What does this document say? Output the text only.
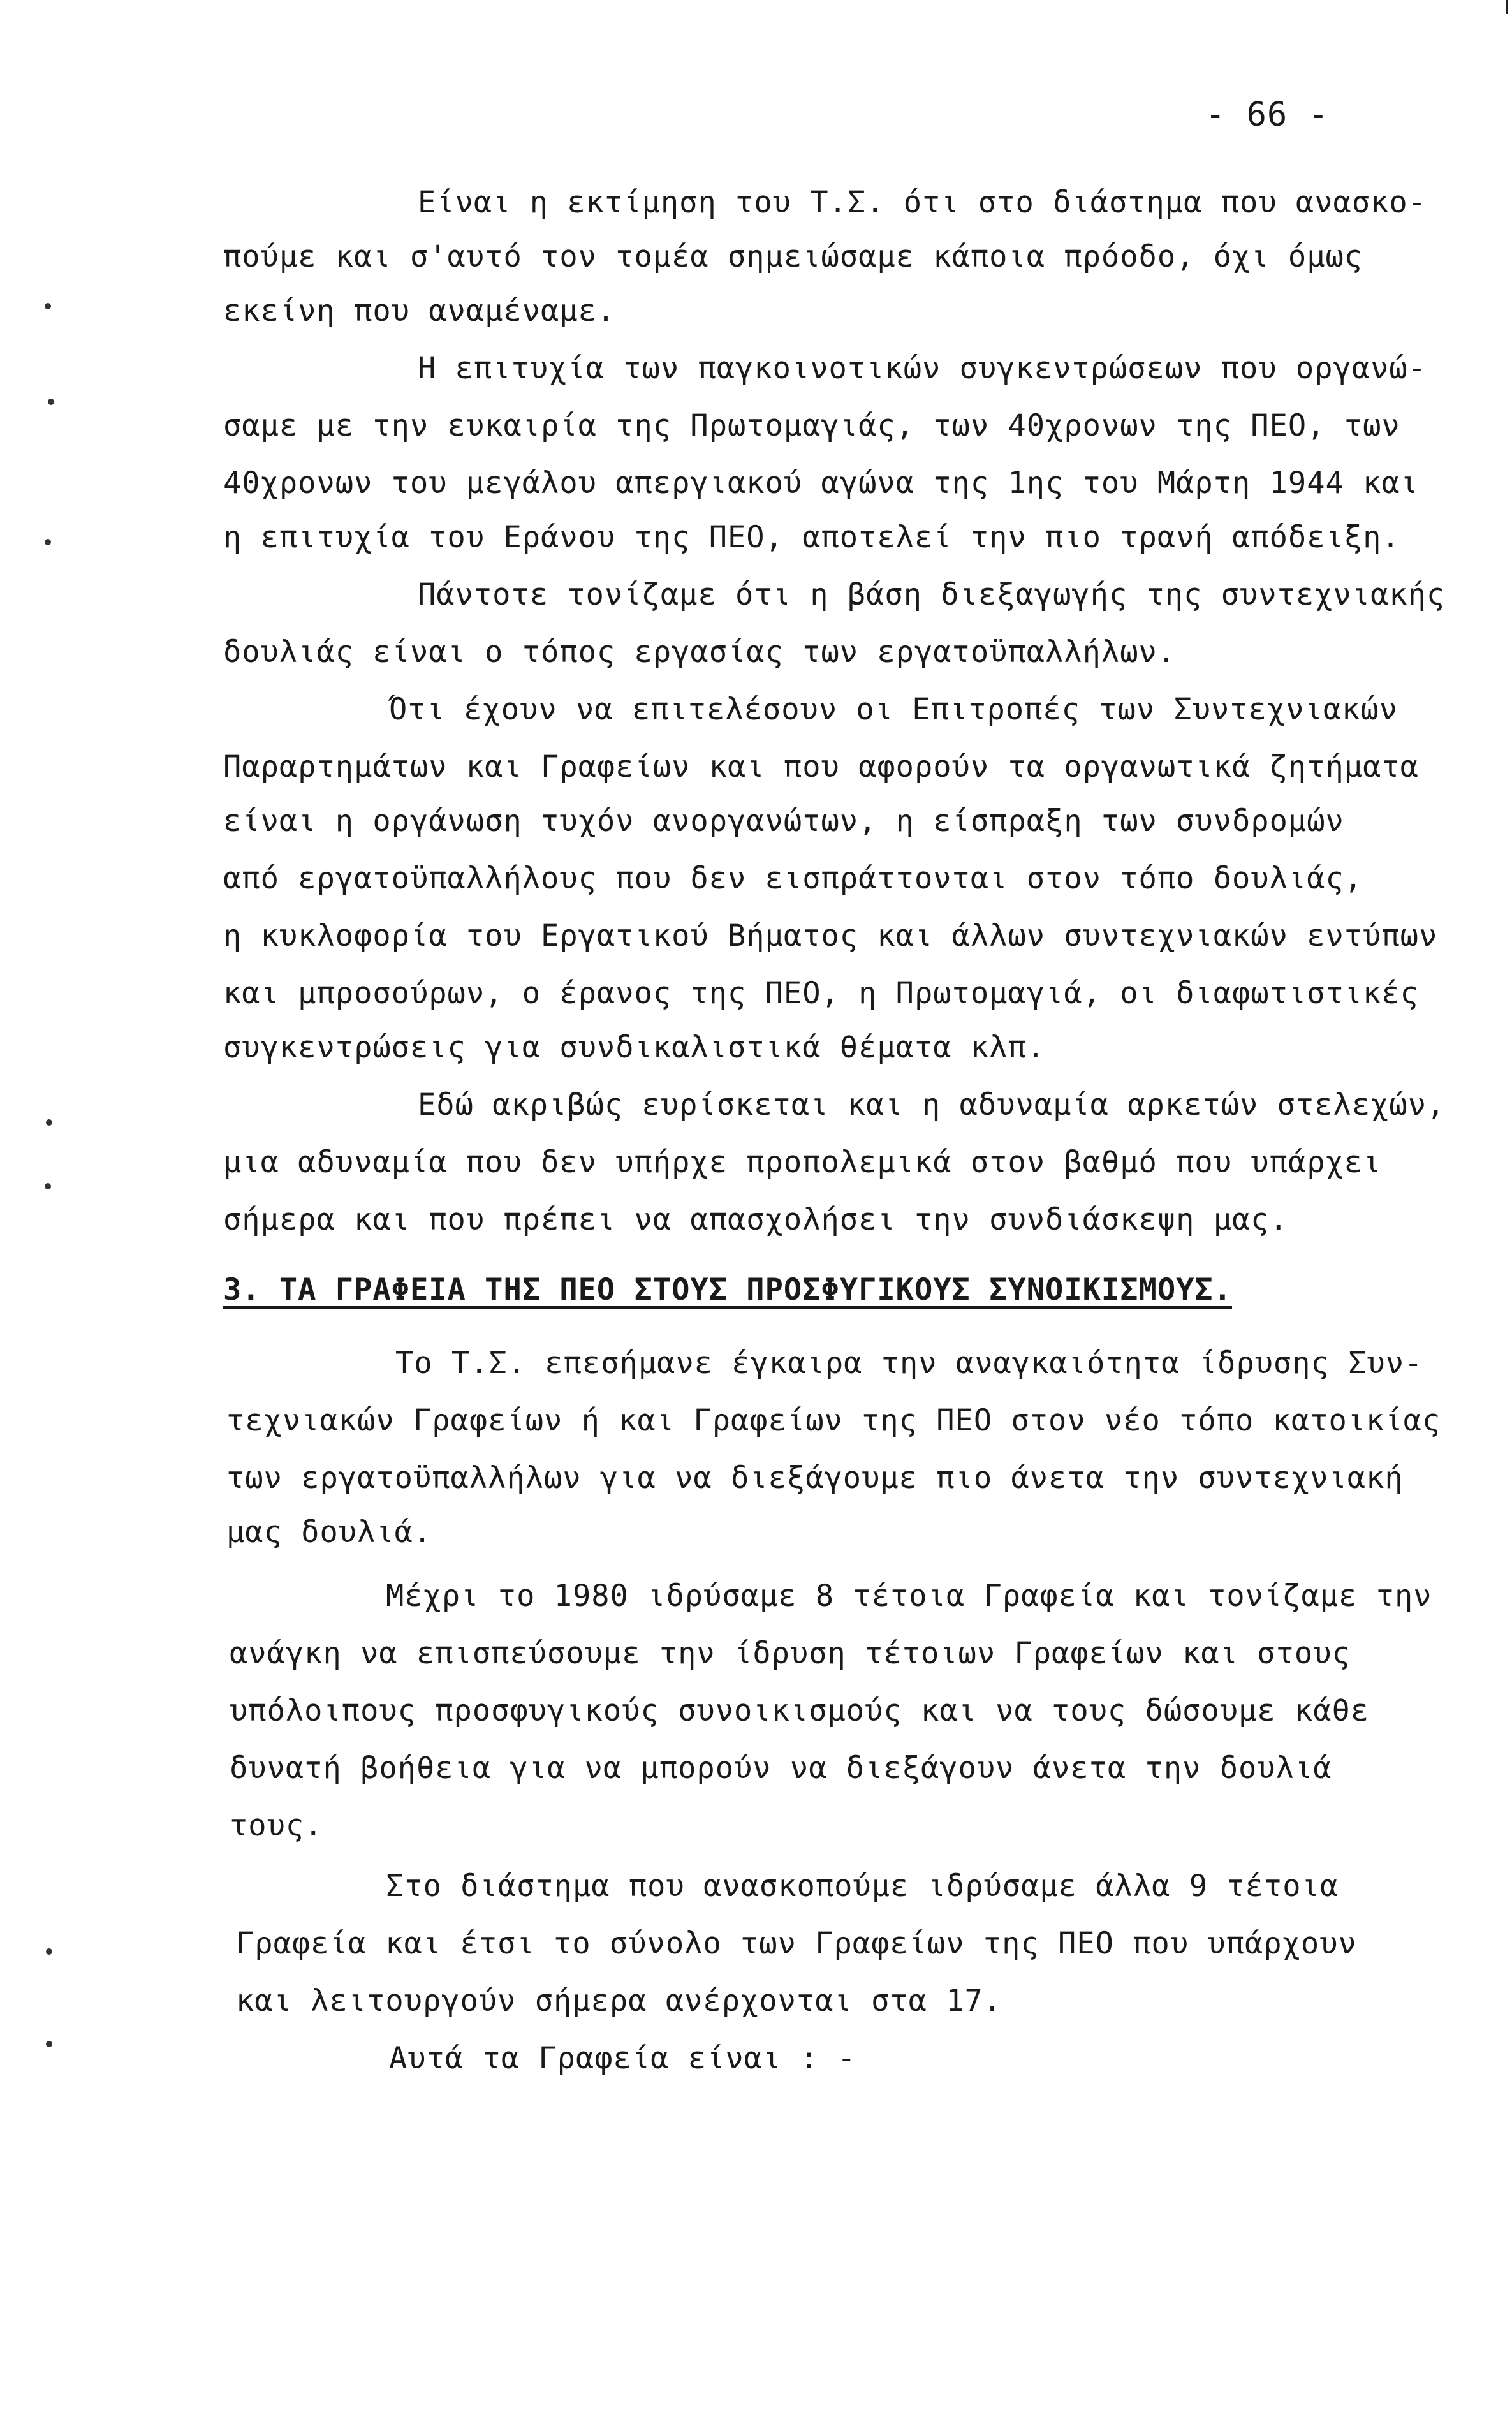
- 66 -
Είναι η εκτίμηση του Τ.Σ. ότι στο διάστημα που ανασκο-
πούμε και σ'αυτό τον τομέα σημειώσαμε κάποια πρόοδο, όχι όμως
εκείνη που αναμέναμε.
Η επιτυχία των παγκοινοτικών συγκεντρώσεων που οργανώ-
σαμε με την ευκαιρία της Πρωτομαγιάς, των 40χρονων της ΠΕΟ, των
40χρονων του μεγάλου απεργιακού αγώνα της 1ης του Μάρτη 1944 και
η επιτυχία του Εράνου της ΠΕΟ, αποτελεί την πιο τρανή απόδειξη.
Πάντοτε τονίζαμε ότι η βάση διεξαγωγής της συντεχνιακής
δουλιάς είναι ο τόπος εργασίας των εργατοϋπαλλήλων.
Ότι έχουν να επιτελέσουν οι Επιτροπές των Συντεχνιακών
Παραρτημάτων και Γραφείων και που αφορούν τα οργανωτικά ζητήματα
είναι η οργάνωση τυχόν ανοργανώτων, η είσπραξη των συνδρομών
από εργατοϋπαλλήλους που δεν εισπράττονται στον τόπο δουλιάς,
η κυκλοφορία του Εργατικού Βήματος και άλλων συντεχνιακών εντύπων
και μπροσούρων, ο έρανος της ΠΕΟ, η Πρωτομαγιά, οι διαφωτιστικές
συγκεντρώσεις για συνδικαλιστικά θέματα κλπ.
Εδώ ακριβώς ευρίσκεται και η αδυναμία αρκετών στελεχών,
μια αδυναμία που δεν υπήρχε προπολεμικά στον βαθμό που υπάρχει
σήμερα και που πρέπει να απασχολήσει την συνδιάσκεψη μας.
3. ΤΑ ΓΡΑΦΕΙΑ ΤΗΣ ΠΕΟ ΣΤΟΥΣ ΠΡΟΣΦΥΓΙΚΟΥΣ ΣΥΝΟΙΚΙΣΜΟΥΣ.
Το Τ.Σ. επεσήμανε έγκαιρα την αναγκαιότητα ίδρυσης Συν-
τεχνιακών Γραφείων ή και Γραφείων της ΠΕΟ στον νέο τόπο κατοικίας
των εργατοϋπαλλήλων για να διεξάγουμε πιο άνετα την συντεχνιακή
μας δουλιά.
Μέχρι το 1980 ιδρύσαμε 8 τέτοια Γραφεία και τονίζαμε την
ανάγκη να επισπεύσουμε την ίδρυση τέτοιων Γραφείων και στους
υπόλοιπους προσφυγικούς συνοικισμούς και να τους δώσουμε κάθε
δυνατή βοήθεια για να μπορούν να διεξάγουν άνετα την δουλιά
τους.
Στο διάστημα που ανασκοπούμε ιδρύσαμε άλλα 9 τέτοια
Γραφεία και έτσι το σύνολο των Γραφείων της ΠΕΟ που υπάρχουν
και λειτουργούν σήμερα ανέρχονται στα 17.
Αυτά τα Γραφεία είναι : -
